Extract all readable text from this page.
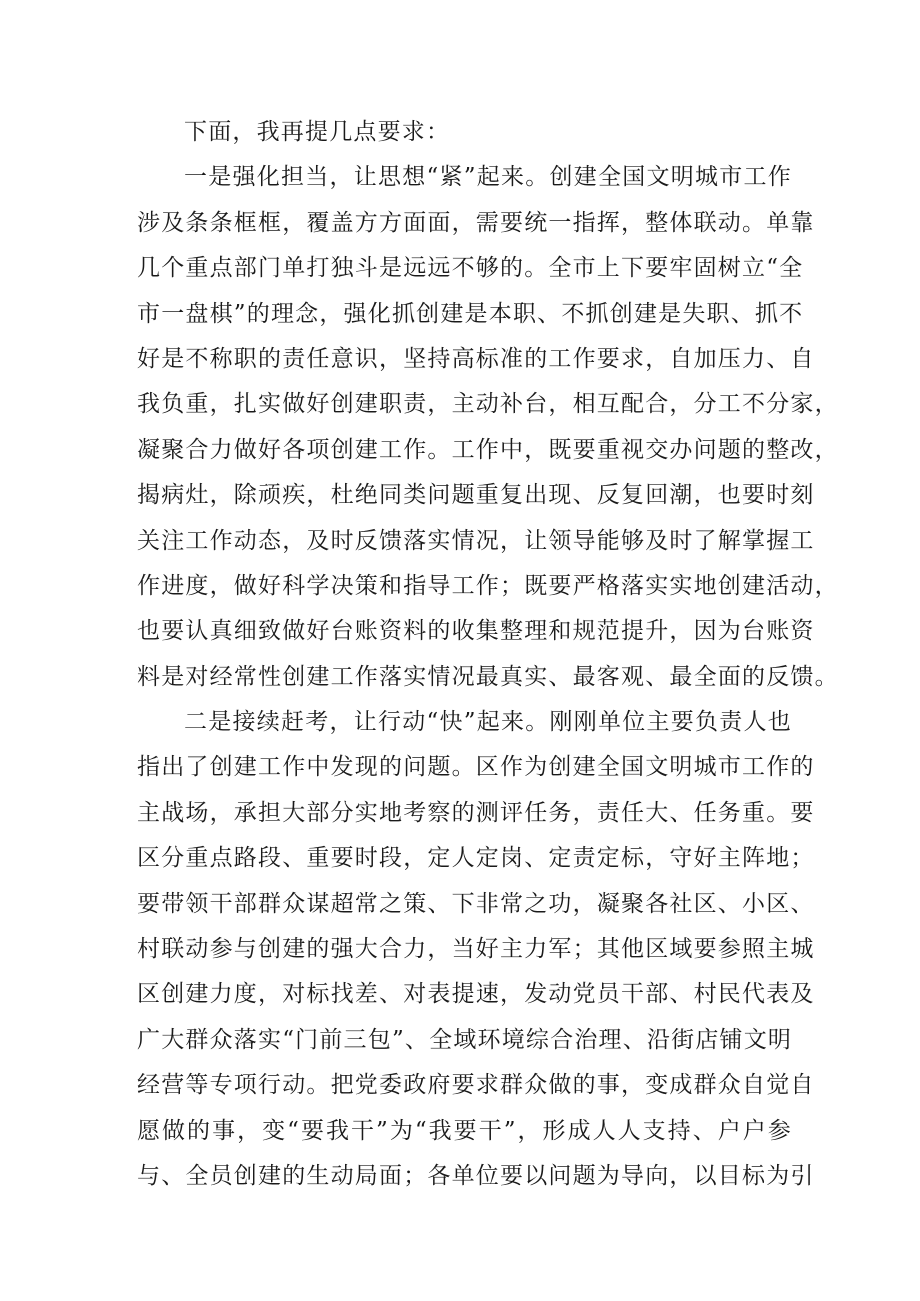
下面，我再提几点要求：
一是强化担当，让思想“紧”起来。创建全国文明城市工作
涉及条条框框，覆盖方方面面，需要统一指挥，整体联动。单靠
几个重点部门单打独斗是远远不够的。全市上下要牢固树立“全
市一盘棋”的理念，强化抓创建是本职、不抓创建是失职、抓不
好是不称职的责任意识，坚持高标准的工作要求，自加压力、自
我负重，扎实做好创建职责，主动补台，相互配合，分工不分家，
凝聚合力做好各项创建工作。工作中，既要重视交办问题的整改，
揭病灶，除顽疾，杜绝同类问题重复出现、反复回潮，也要时刻
关注工作动态，及时反馈落实情况，让领导能够及时了解掌握工
作进度，做好科学决策和指导工作；既要严格落实实地创建活动，
也要认真细致做好台账资料的收集整理和规范提升，因为台账资
料是对经常性创建工作落实情况最真实、最客观、最全面的反馈。
二是接续赶考，让行动“快”起来。刚刚单位主要负责人也
指出了创建工作中发现的问题。区作为创建全国文明城市工作的
主战场，承担大部分实地考察的测评任务，责任大、任务重。要
区分重点路段、重要时段，定人定岗、定责定标，守好主阵地；
要带领干部群众谋超常之策、下非常之功，凝聚各社区、小区、
村联动参与创建的强大合力，当好主力军；其他区域要参照主城
区创建力度，对标找差、对表提速，发动党员干部、村民代表及
广大群众落实“门前三包”、全域环境综合治理、沿街店铺文明
经营等专项行动。把党委政府要求群众做的事，变成群众自觉自
愿做的事，变“要我干”为“我要干”，形成人人支持、户户参
与、全员创建的生动局面；各单位要以问题为导向，以目标为引
